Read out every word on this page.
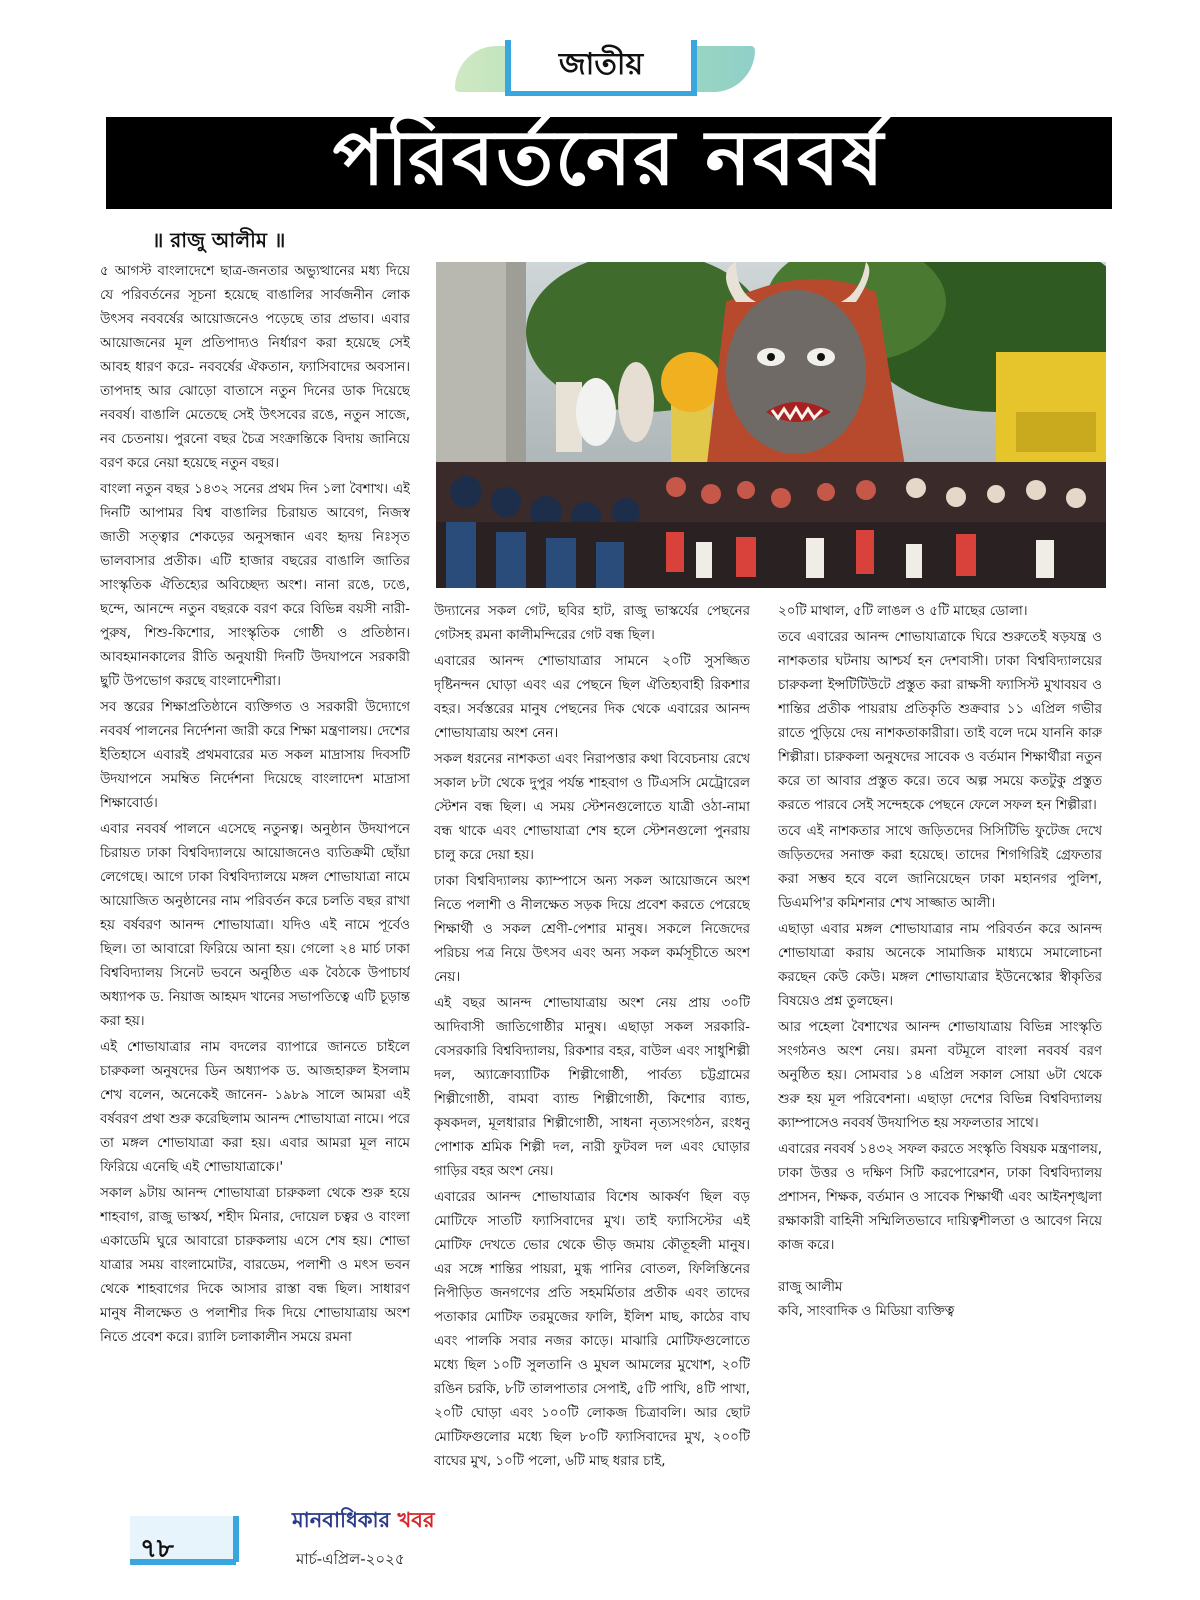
জাতীয়
পরিবর্তনের নববর্ষ
॥ রাজু আলীম ॥

৫ আগস্ট বাংলাদেশে ছাত্র-জনতার অভ্যুত্থানের মধ্য দিয়ে যে পরিবর্তনের সূচনা হয়েছে বাঙালির সার্বজনীন লোক উৎসব নববর্ষের আয়োজনেও পড়েছে তার প্রভাব। এবার আয়োজনের মূল প্রতিপাদ্যও নির্ধারণ করা হয়েছে সেই আবহ ধারণ করে- নববর্ষের ঐকতান, ফ্যাসিবাদের অবসান। তাপদাহ আর ঝোড়ো বাতাসে নতুন দিনের ডাক দিয়েছে নববর্ষ। বাঙালি মেতেছে সেই উৎসবের রঙে, নতুন সাজে, নব চেতনায়। পুরনো বছর চৈত্র সংক্রান্তিকে বিদায় জানিয়ে বরণ করে নেয়া হয়েছে নতুন বছর।

বাংলা নতুন বছর ১৪৩২ সনের প্রথম দিন ১লা বৈশাখ। এই দিনটি আপামর বিশ্ব বাঙালির চিরায়ত আবেগ, নিজস্ব জাতী সত্ত্বার শেকড়ের অনুসন্ধান এবং হৃদয় নিঃসৃত ভালবাসার প্রতীক। এটি হাজার বছরের বাঙালি জাতির সাংস্কৃতিক ঐতিহ্যের অবিচ্ছেদ্য অংশ। নানা রঙে, ঢঙে, ছন্দে, আনন্দে নতুন বছরকে বরণ করে বিভিন্ন বয়সী নারী-পুরুষ, শিশু-কিশোর, সাংস্কৃতিক গোষ্ঠী ও প্রতিষ্ঠান। আবহমানকালের রীতি অনুযায়ী দিনটি উদযাপনে সরকারী ছুটি উপভোগ করছে বাংলাদেশীরা।

সব স্তরের শিক্ষাপ্রতিষ্ঠানে ব্যক্তিগত ও সরকারী উদ্যোগে নববর্ষ পালনের নির্দেশনা জারী করে শিক্ষা মন্ত্রণালয়। দেশের ইতিহাসে এবারই প্রথমবারের মত সকল মাদ্রাসায় দিবসটি উদযাপনে সমম্বিত নির্দেশনা দিয়েছে বাংলাদেশ মাদ্রাসা শিক্ষাবোর্ড।

এবার নববর্ষ পালনে এসেছে নতুনত্ব। অনুষ্ঠান উদযাপনে চিরায়ত ঢাকা বিশ্ববিদ্যালয়ে আয়োজনেও ব্যতিক্রমী ছোঁয়া লেগেছে। আগে ঢাকা বিশ্ববিদ্যালয়ে মঙ্গল শোভাযাত্রা নামে আয়োজিত অনুষ্ঠানের নাম পরিবর্তন করে চলতি বছর রাখা হয় বর্ষবরণ আনন্দ শোভাযাত্রা। যদিও এই নামে পূর্বেও ছিল। তা আবারো ফিরিয়ে আনা হয়। গেলো ২৪ মার্চ ঢাকা বিশ্ববিদ্যালয় সিনেট ভবনে অনুষ্ঠিত এক বৈঠকে উপাচার্য অধ্যাপক ড. নিয়াজ আহমদ খানের সভাপতিত্বে এটি চূড়ান্ত করা হয়।

এই শোভাযাত্রার নাম বদলের ব্যাপারে জানতে চাইলে চারুকলা অনুষদের ডিন অধ্যাপক ড. আজহারুল ইসলাম শেখ বলেন, অনেকেই জানেন- ১৯৮৯ সালে আমরা এই বর্ষবরণ প্রথা শুরু করেছিলাম আনন্দ শোভাযাত্রা নামে। পরে তা মঙ্গল শোভাযাত্রা করা হয়। এবার আমরা মূল নামে ফিরিয়ে এনেছি এই শোভাযাত্রাকে।'

সকাল ৯টায় আনন্দ শোভাযাত্রা চারুকলা থেকে শুরু হয়ে শাহবাগ, রাজু ভাস্কর্য, শহীদ মিনার, দোয়েল চত্বর ও বাংলা একাডেমি ঘুরে আবারো চারুকলায় এসে শেষ হয়। শোভা যাত্রার সময় বাংলামোটর, বারডেম, পলাশী ও মৎস ভবন থেকে শাহবাগের দিকে আসার রাস্তা বন্ধ ছিল। সাধারণ মানুষ নীলক্ষেত ও পলাশীর দিক দিয়ে শোভাযাত্রায় অংশ নিতে প্রবেশ করে। র‍্যালি চলাকালীন সময়ে রমনা

উদ্যানের সকল গেট, ছবির হাট, রাজু ভাস্কর্যের পেছনের গেটসহ রমনা কালীমন্দিরের গেট বন্ধ ছিল।

এবারের আনন্দ শোভাযাত্রার সামনে ২০টি সুসজ্জিত দৃষ্টিনন্দন ঘোড়া এবং এর পেছনে ছিল ঐতিহ্যবাহী রিকশার বহর। সর্বস্তরের মানুষ পেছনের দিক থেকে এবারের আনন্দ শোভাযাত্রায় অংশ নেন।

সকল ধরনের নাশকতা এবং নিরাপত্তার কথা বিবেচনায় রেখে সকাল ৮টা থেকে দুপুর পর্যন্ত শাহবাগ ও টিএসসি মেট্রোরেল স্টেশন বন্ধ ছিল। এ সময় স্টেশনগুলোতে যাত্রী ওঠা-নামা বন্ধ থাকে এবং শোভাযাত্রা শেষ হলে স্টেশনগুলো পুনরায় চালু করে দেয়া হয়।

ঢাকা বিশ্ববিদ্যালয় ক্যাম্পাসে অন্য সকল আয়োজনে অংশ নিতে পলাশী ও নীলক্ষেত সড়ক দিয়ে প্রবেশ করতে পেরেছে শিক্ষার্থী ও সকল শ্রেণী-পেশার মানুষ। সকলে নিজেদের পরিচয় পত্র নিয়ে উৎসব এবং অন্য সকল কর্মসূচীতে অংশ নেয়।

এই বছর আনন্দ শোভাযাত্রায় অংশ নেয় প্রায় ৩০টি আদিবাসী জাতিগোষ্ঠীর মানুষ। এছাড়া সকল সরকারি-বেসরকারি বিশ্ববিদ্যালয়, রিকশার বহর, বাউল এবং সাধুশিল্পী দল, অ্যাক্রোব্যাটিক শিল্পীগোষ্ঠী, পার্বত্য চট্টগ্রামের শিল্পীগোষ্ঠী, বামবা ব্যান্ড শিল্পীগোষ্ঠী, কিশোর ব্যান্ড, কৃষকদল, মূলধারার শিল্পীগোষ্ঠী, সাধনা নৃত্যসংগঠন, রংধনু পোশাক শ্রমিক শিল্পী দল, নারী ফুটবল দল এবং ঘোড়ার গাড়ির বহর অংশ নেয়।

এবারের আনন্দ শোভাযাত্রার বিশেষ আকর্ষণ ছিল বড় মোটিফে সাতটি ফ্যাসিবাদের মুখ। তাই ফ্যাসিস্টের এই মোটিফ দেখতে ভোর থেকে ভীড় জমায় কৌতূহলী মানুষ। এর সঙ্গে শান্তির পায়রা, মুগ্ধ পানির বোতল, ফিলিস্তিনের নিপীড়িত জনগণের প্রতি সহমর্মিতার প্রতীক এবং তাদের পতাকার মোটিফ তরমুজের ফালি, ইলিশ মাছ, কাঠের বাঘ এবং পালকি সবার নজর কাড়ে। মাঝারি মোটিফগুলোতে মধ্যে ছিল ১০টি সুলতানি ও মুঘল আমলের মুখোশ, ২০টি রঙিন চরকি, ৮টি তালপাতার সেপাই, ৫টি পাখি, ৪টি পাখা, ২০টি ঘোড়া এবং ১০০টি লোকজ চিত্রাবলি। আর ছোট মোটিফগুলোর মধ্যে ছিল ৮০টি ফ্যাসিবাদের মুখ, ২০০টি বাঘের মুখ, ১০টি পলো, ৬টি মাছ ধরার চাই,

২০টি মাথাল, ৫টি লাঙল ও ৫টি মাছের ডোলা।

তবে এবারের আনন্দ শোভাযাত্রাকে ঘিরে শুরুতেই ষড়যন্ত্র ও নাশকতার ঘটনায় আশ্চর্য হন দেশবাসী। ঢাকা বিশ্ববিদ্যালয়ের চারুকলা ইন্সটিটিউটে প্রস্তুত করা রাক্ষসী ফ্যাসিস্ট মুখাবয়ব ও শান্তির প্রতীক পায়রায় প্রতিকৃতি শুক্রবার ১১ এপ্রিল গভীর রাতে পুড়িয়ে দেয় নাশকতাকারীরা। তাই বলে দমে যাননি কারু শিল্পীরা। চারুকলা অনুষদের সাবেক ও বর্তমান শিক্ষার্থীরা নতুন করে তা আবার প্রস্তুত করে। তবে অল্প সময়ে কতটুকু প্রস্তুত করতে পারবে সেই সন্দেহকে পেছনে ফেলে সফল হন শিল্পীরা।

তবে এই নাশকতার সাথে জড়িতদের সিসিটিভি ফুটেজ দেখে জড়িতদের সনাক্ত করা হয়েছে। তাদের শিগগিরিই গ্রেফতার করা সম্ভব হবে বলে জানিয়েছেন ঢাকা মহানগর পুলিশ, ডিএমপি'র কমিশনার শেখ সাজ্জাত আলী।

এছাড়া এবার মঙ্গল শোভাযাত্রার নাম পরিবর্তন করে আনন্দ শোভাযাত্রা করায় অনেকে সামাজিক মাধ্যমে সমালোচনা করছেন কেউ কেউ। মঙ্গল শোভাযাত্রার ইউনেস্কোর স্বীকৃতির বিষয়েও প্রশ্ন তুলছেন।

আর পহেলা বৈশাখের আনন্দ শোভাযাত্রায় বিভিন্ন সাংস্কৃতি সংগঠনও অংশ নেয়। রমনা বটমূলে বাংলা নববর্ষ বরণ অনুষ্ঠিত হয়। সোমবার ১৪ এপ্রিল সকাল সোয়া ৬টা থেকে শুরু হয় মূল পরিবেশনা। এছাড়া দেশের বিভিন্ন বিশ্ববিদ্যালয় ক্যাম্পাসেও নববর্ষ উদযাপিত হয় সফলতার সাথে।

এবারের নববর্ষ ১৪৩২ সফল করতে সংস্কৃতি বিষয়ক মন্ত্রণালয়, ঢাকা উত্তর ও দক্ষিণ সিটি করপোরেশন, ঢাকা বিশ্ববিদ্যালয় প্রশাসন, শিক্ষক, বর্তমান ও সাবেক শিক্ষার্থী এবং আইনশৃঙ্খলা রক্ষাকারী বাহিনী সম্মিলিতভাবে দায়িত্বশীলতা ও আবেগ নিয়ে কাজ করে।

রাজু আলীম
কবি, সাংবাদিক ও মিডিয়া ব্যক্তিত্ব
৭৮
মানবাধিকার খবর
মার্চ-এপ্রিল-২০২৫
